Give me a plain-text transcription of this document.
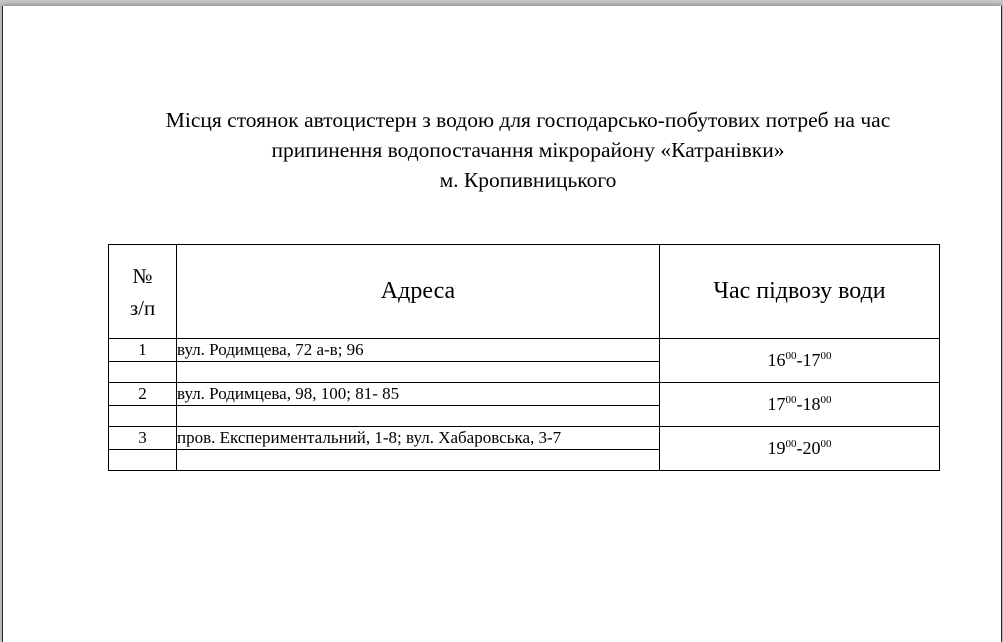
Місця стоянок автоцистерн з водою для господарсько-побутових потреб на час
припинення водопостачання мікрорайону «Катранівки»
м. Кропивницького
№
з/п	Адреса	Час підвозу води
1	вул. Родимцева, 72 а-в; 96	$16^{00}-17^{00}$

2	вул. Родимцева, 98, 100; 81- 85	$17^{00}-18^{00}$

3	пров. Експериментальний, 1-8; вул. Хабаровська, 3-7	$19^{00}-20^{00}$
